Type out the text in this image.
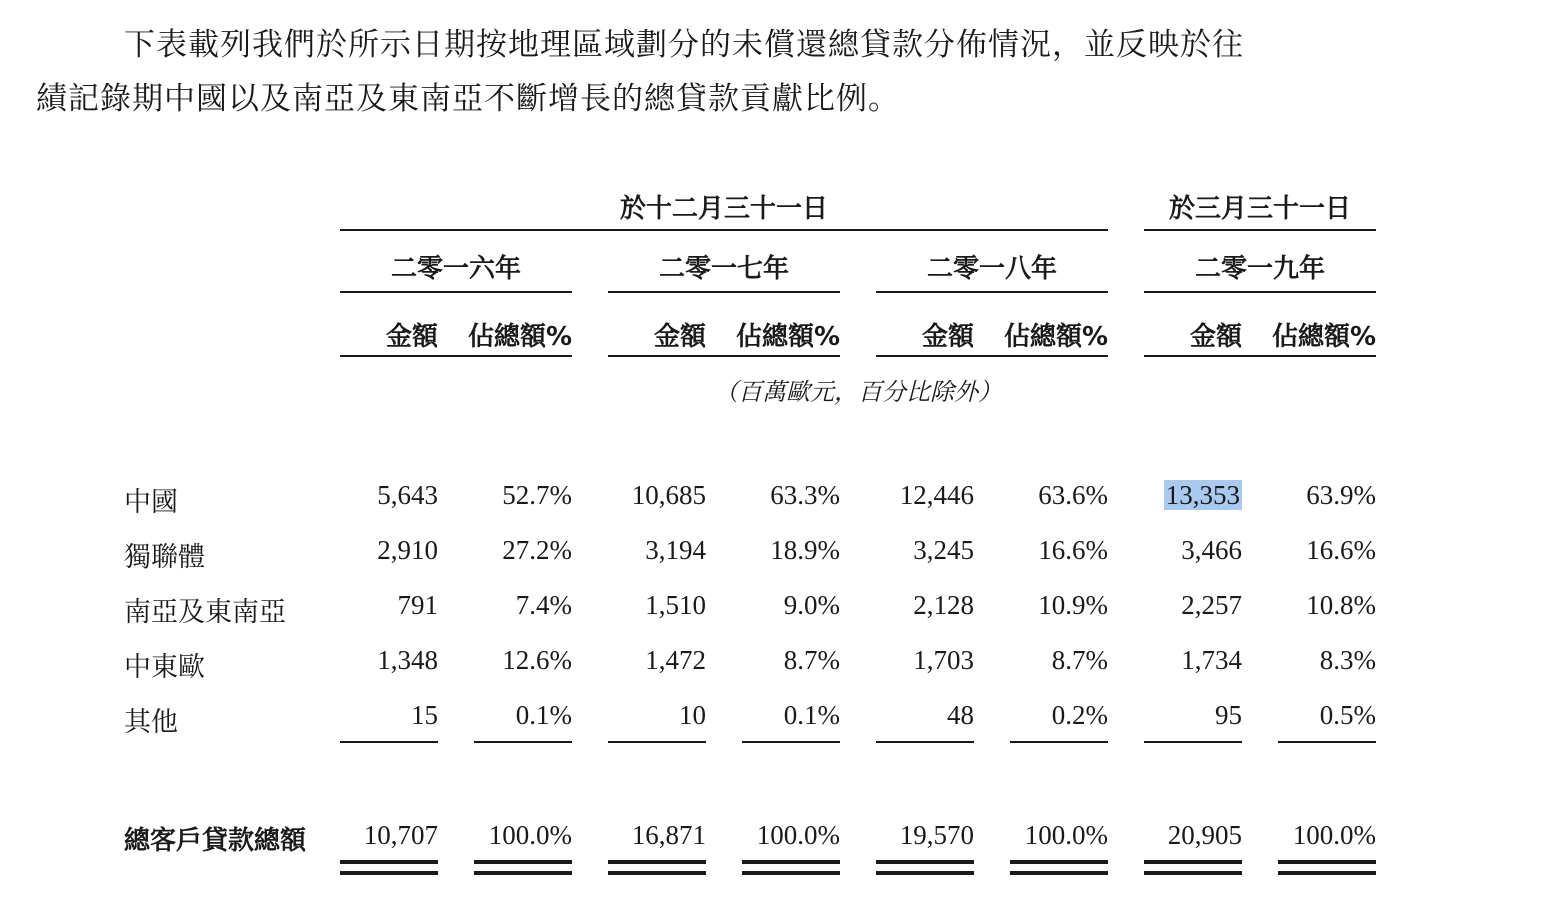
下表載列我們於所示日期按地理區域劃分的未償還總貸款分佈情況，並反映於往

績記錄期中國以及南亞及東南亞不斷增長的總貸款貢獻比例。

於十二月三十一日	於三月三十一日
二零一六年	二零一七年	二零一八年	二零一九年
金額	佔總額%	金額	佔總額%	金額	佔總額%	金額	佔總額%
（百萬歐元，百分比除外）
中國	5,643	52.7%	10,685	63.3%	12,446	63.6%	13,353	63.9%
獨聯體	2,910	27.2%	3,194	18.9%	3,245	16.6%	3,466	16.6%
南亞及東南亞	791	7.4%	1,510	9.0%	2,128	10.9%	2,257	10.8%
中東歐	1,348	12.6%	1,472	8.7%	1,703	8.7%	1,734	8.3%
其他	15	0.1%	10	0.1%	48	0.2%	95	0.5%
總客戶貸款總額	10,707	100.0%	16,871	100.0%	19,570	100.0%	20,905	100.0%
